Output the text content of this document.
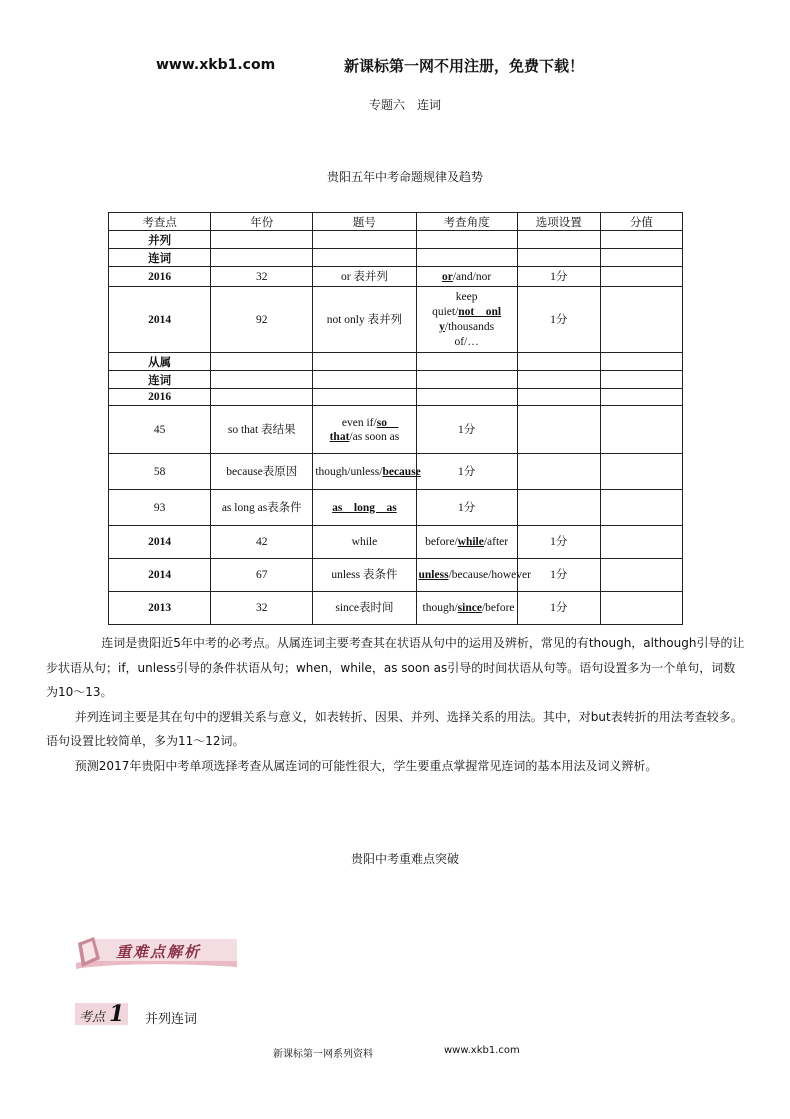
www.xkb1.com	新课标第一网不用注册，免费下载！
专题六　连词
贵阳五年中考命题规律及趋势
考查点	年份	题号	考查角度	选项设置	分值
并列					
连词					
2016	32	or 表并列	or/and/nor	1分	
2014	92	not only 表并列	keep
quiet/not　onl
y/thousands
of/…	1分	
从属					
连词					
2016					
45	so that 表结果	even if/so　that/as soon as	1分		
58	because表原因	though/unless/because	1分		
93	as long as表条件	as　long　as	1分		
2014	42	while	before/while/after	1分	
2014	67	unless 表条件	unless/because/however	1分	
2013	32	since表时间	though/since/before	1分	

连词是贵阳近5年中考的必考点。从属连词主要考查其在状语从句中的运用及辨析，常见的有though，although引导的让步状语从句；if，unless引导的条件状语从句；when，while，as soon as引导的时间状语从句等。语句设置多为一个单句，词数为10～13。

并列连词主要是其在句中的逻辑关系与意义，如表转折、因果、并列、选择关系的用法。其中，对but表转折的用法考查较多。语句设置比较简单，多为11～12词。

预测2017年贵阳中考单项选择考查从属连词的可能性很大，学生要重点掌握常见连词的基本用法及词义辨析。

贵阳中考重难点突破
重难点解析
考点 1	并列连词
新课标第一网系列资料	www.xkb1.com
